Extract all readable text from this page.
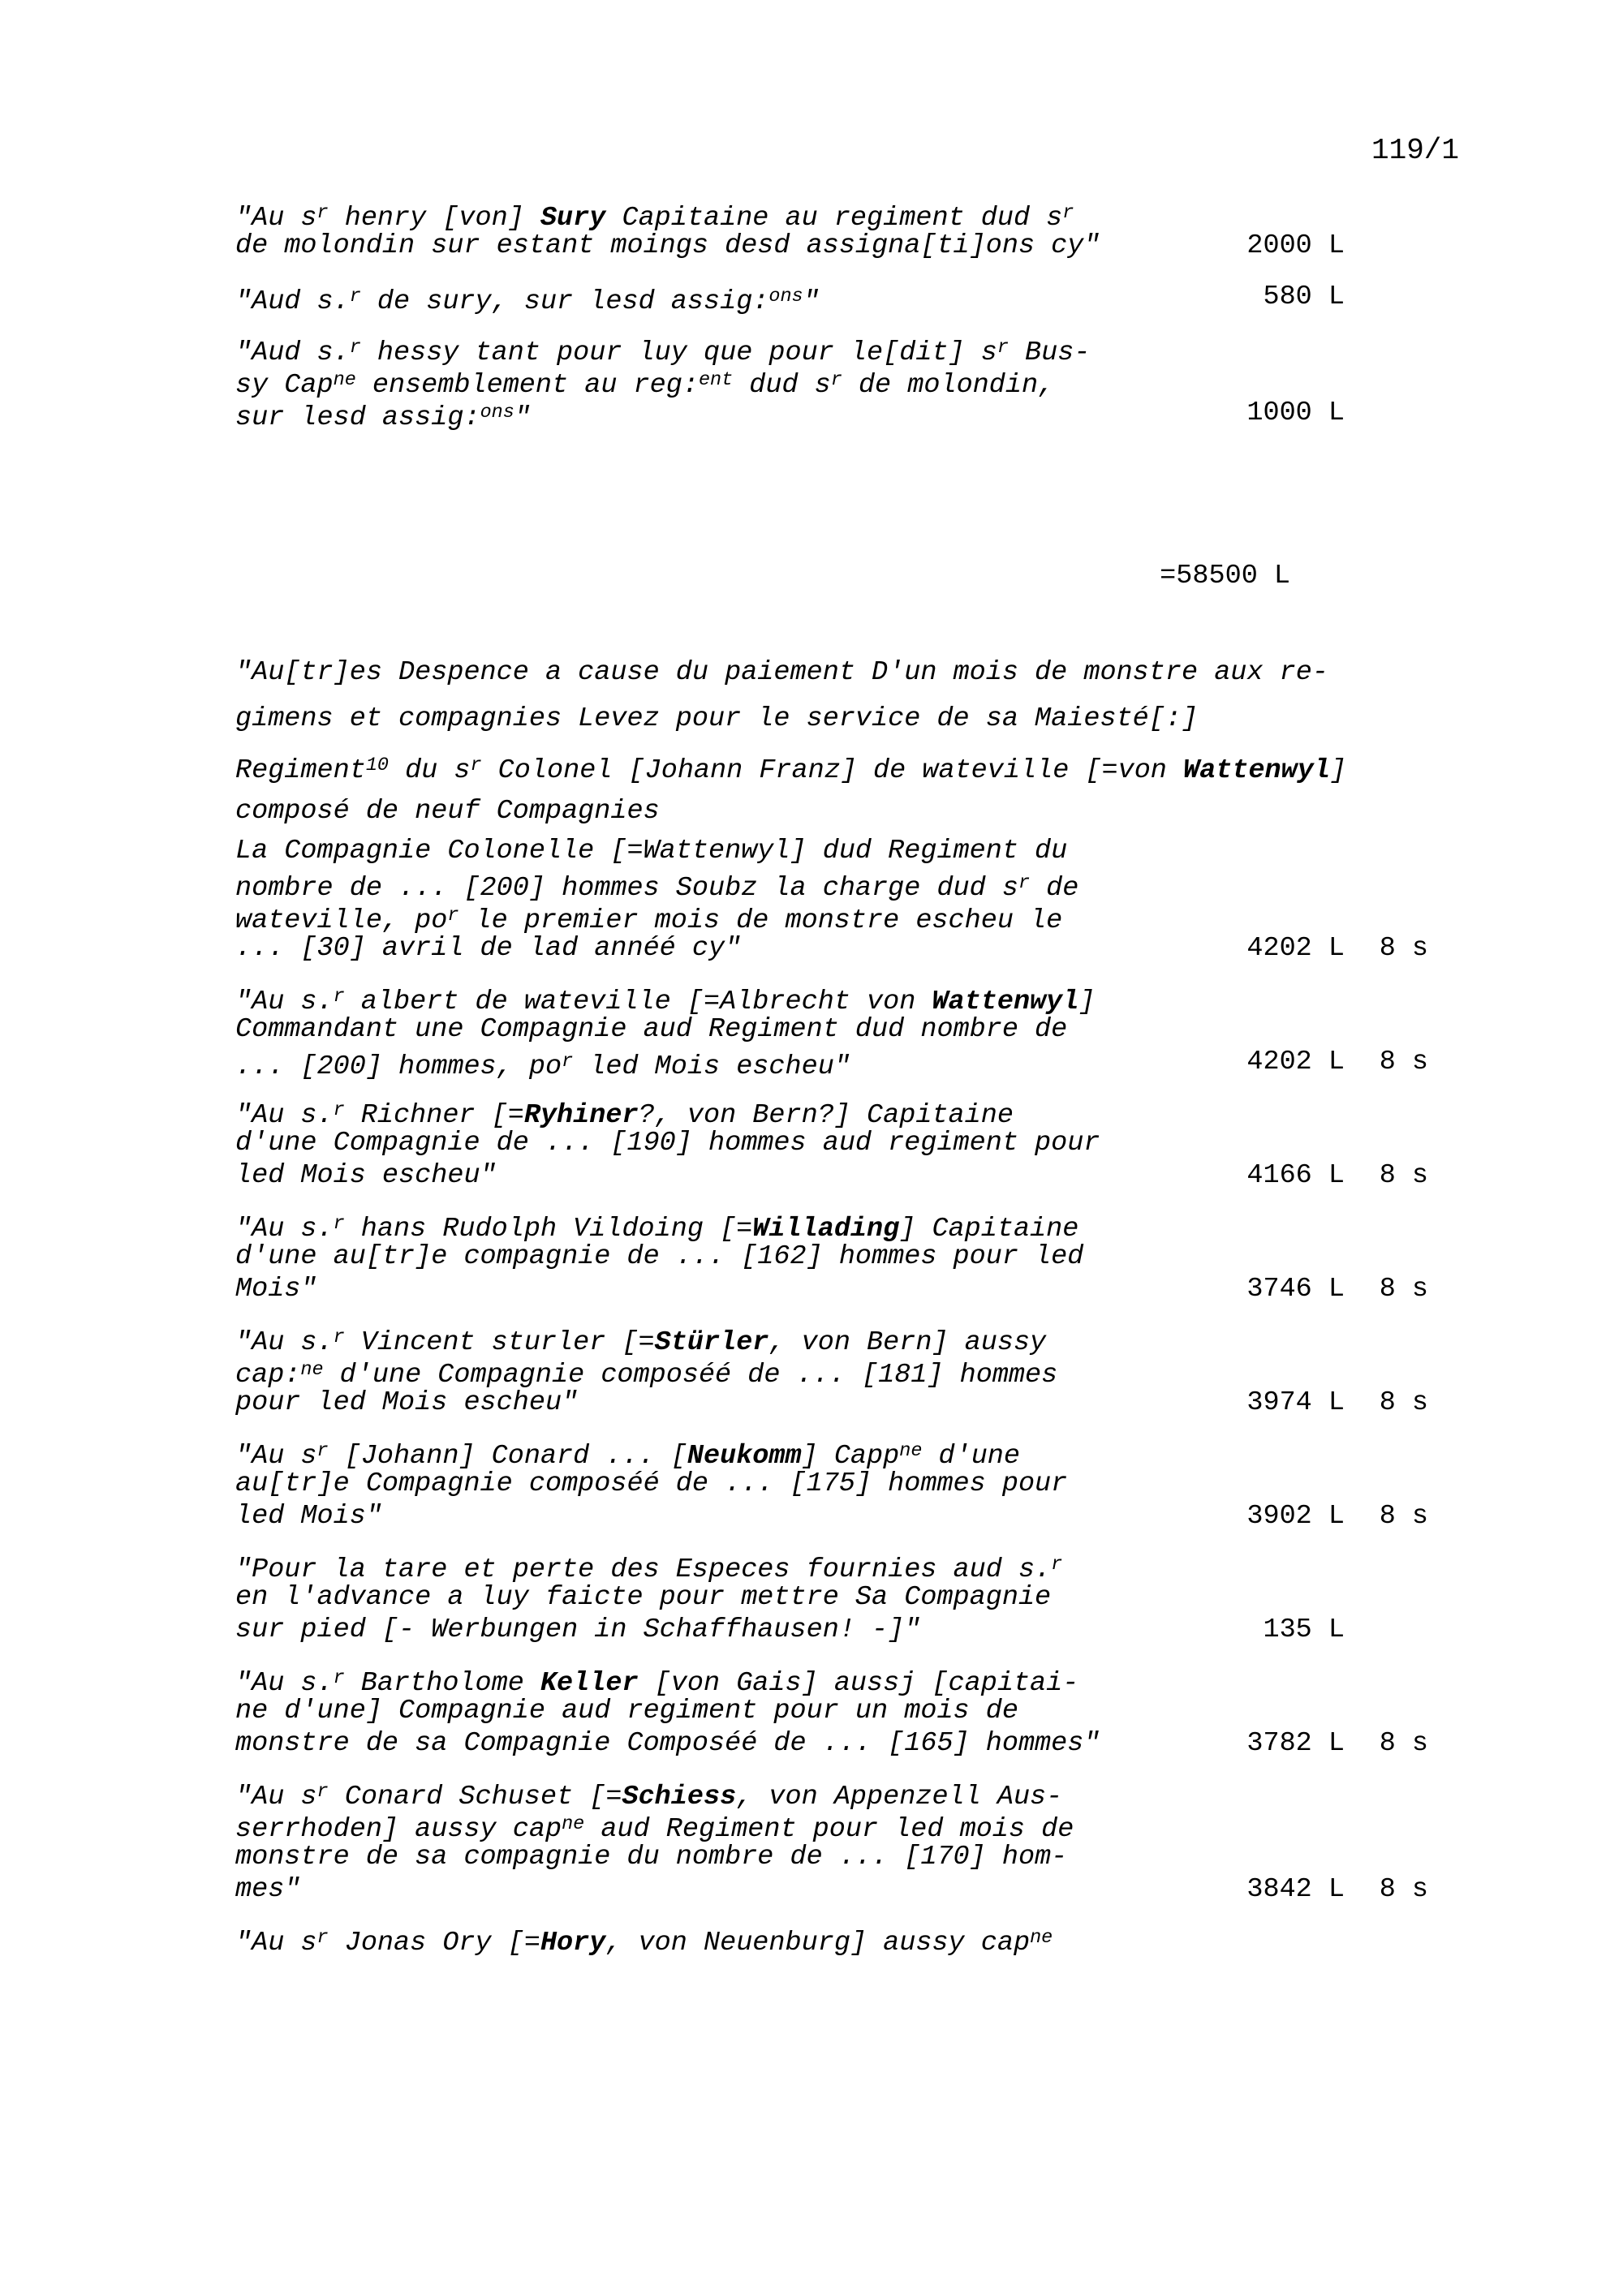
119/1
"Au $s^r$ henry [von] Sury Capitaine au regiment dud $s^r$
de molondin sur estant moings desd assigna[ti]ons cy"	2000 L
"Aud s.$^r$ de sury, sur lesd assig:$^{ons}$"	580 L
"Aud s.$^r$ hessy tant pour luy que pour le[dit] $s^r$ Bus-
sy Cap$^{ne}$ ensemblement au reg:$^{ent}$ dud $s^r$ de molondin,
sur lesd assig:$^{ons}$"	1000 L

=58500 L

"Au[tr]es Despence a cause du paiement D'un mois de monstre aux re-
gimens et compagnies Levez pour le service de sa Maiesté[:]
Regiment$^{10}$ du $s^r$ Colonel [Johann Franz] de wateville [=von Wattenwyl]
composé de neuf Compagnies
La Compagnie Colonelle [=Wattenwyl] dud Regiment du
nombre de ... [200] hommes Soubz la charge dud $s^r$ de
wateville, $po^r$ le premier mois de monstre escheu le
... [30] avril de lad annéé cy"	4202 L	8 s
"Au s.$^r$ albert de wateville [=Albrecht von Wattenwyl]
Commandant une Compagnie aud Regiment dud nombre de
... [200] hommes, $po^r$ led Mois escheu"	4202 L	8 s
"Au s.$^r$ Richner [=Ryhiner?, von Bern?] Capitaine
d'une Compagnie de ... [190] hommes aud regiment pour
led Mois escheu"	4166 L	8 s
"Au s.$^r$ hans Rudolph Vildoing [=Willading] Capitaine
d'une au[tr]e compagnie de ... [162] hommes pour led
Mois"	3746 L	8 s
"Au s.$^r$ Vincent sturler [=Stürler, von Bern] aussy
cap:$^{ne}$ d'une Compagnie composéé de ... [181] hommes
pour led Mois escheu"	3974 L	8 s
"Au $s^r$ [Johann] Conard ... [Neukomm] Capp$^{ne}$ d'une
au[tr]e Compagnie composéé de ... [175] hommes pour
led Mois"	3902 L	8 s
"Pour la tare et perte des Especes fournies aud s.$^r$
en l'advance a luy faicte pour mettre Sa Compagnie
sur pied [- Werbungen in Schaffhausen! -]"	135 L
"Au s.$^r$ Bartholome Keller [von Gais] aussj [capitai-
ne d'une] Compagnie aud regiment pour un mois de
monstre de sa Compagnie Composéé de ... [165] hommes"	3782 L	8 s
"Au $s^r$ Conard Schuset [=Schiess, von Appenzell Aus-
serrhoden] aussy cap$^{ne}$ aud Regiment pour led mois de
monstre de sa compagnie du nombre de ... [170] hom-
mes"	3842 L	8 s
"Au $s^r$ Jonas Ory [=Hory, von Neuenburg] aussy cap$^{ne}$
